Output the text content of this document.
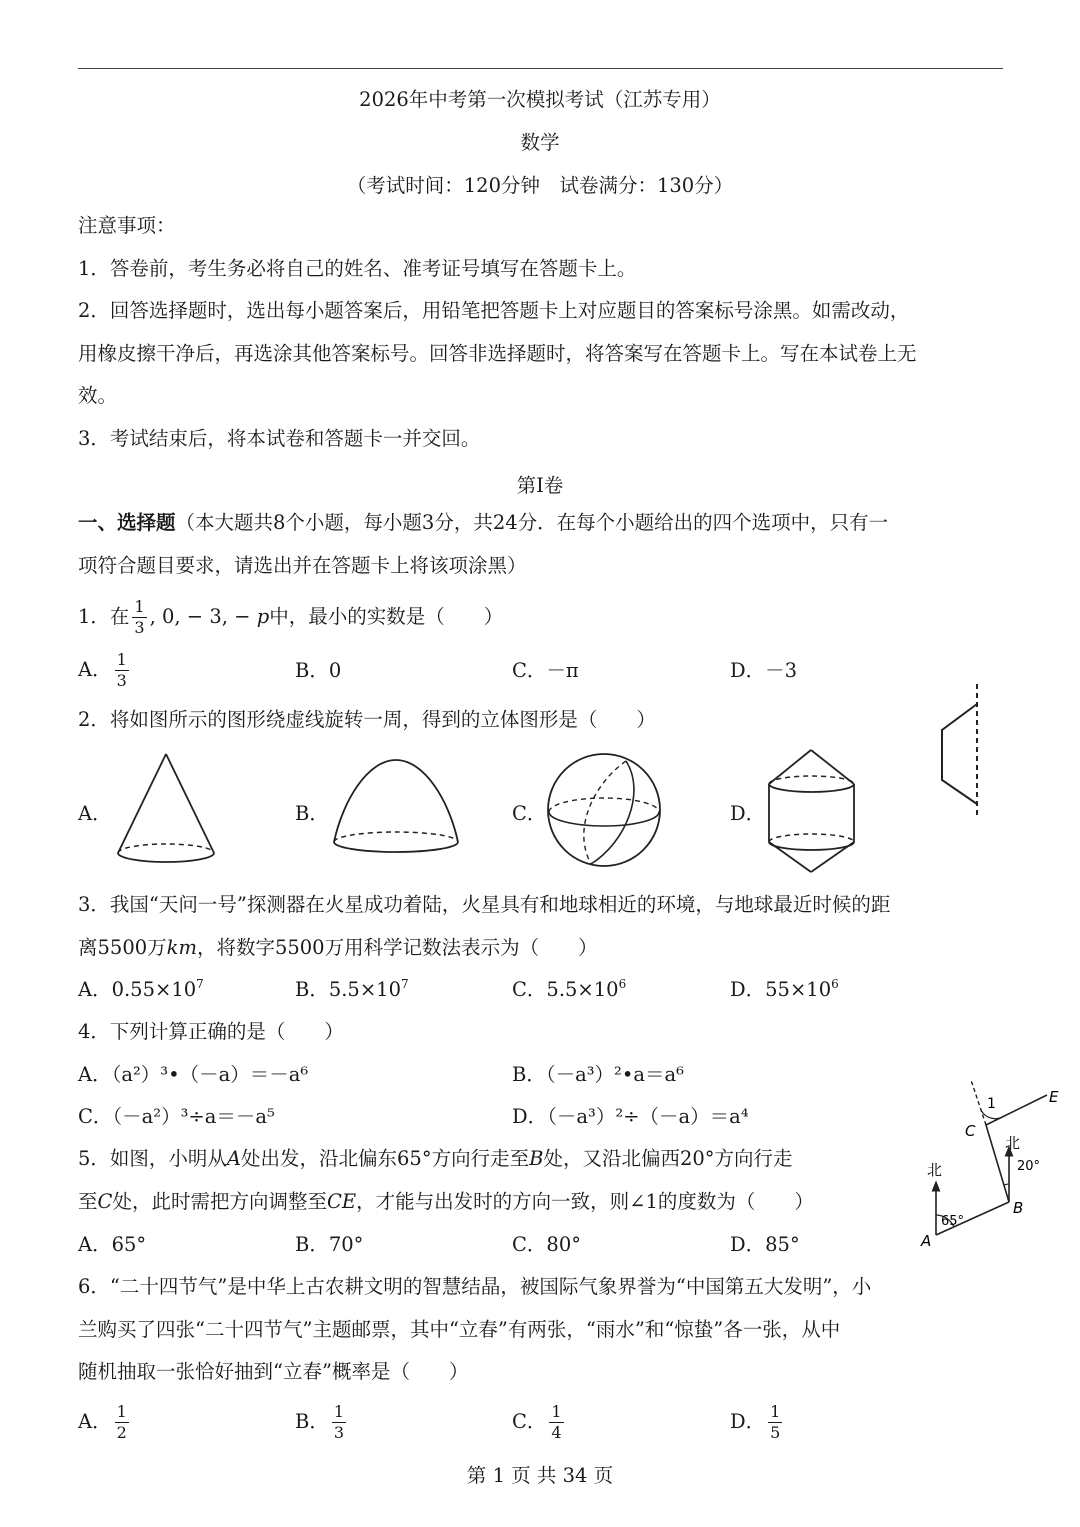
2026年中考第一次模拟考试（江苏专用）
数学
（考试时间：120分钟　试卷满分：130分）
注意事项：
1．答卷前，考生务必将自己的姓名、准考证号填写在答题卡上。
2．回答选择题时，选出每小题答案后，用铅笔把答题卡上对应题目的答案标号涂黑。如需改动，
用橡皮擦干净后，再选涂其他答案标号。回答非选择题时，将答案写在答题卡上。写在本试卷上无
效。
3．考试结束后，将本试卷和答题卡一并交回。
第Ⅰ卷
一、选择题（本大题共8个小题，每小题3分，共24分．在每个小题给出的四个选项中，只有一
项符合题目要求，请选出并在答题卡上将该项涂黑）
1．在 $\frac{1}{3}$ , 0, − 3, − p中，最小的实数是（　　）
A． $\frac{1}{3}$	B．0	C．－π	D．－3
2．将如图所示的图形绕虚线旋转一周，得到的立体图形是（　　）
A．	B．	C．	D．
3．我国“天问一号”探测器在火星成功着陆，火星具有和地球相近的环境，与地球最近时候的距
离5500万km，将数字5500万用科学记数法表示为（　　）
A．$0.55\times 10^7$	B．$5.5\times 10^7$	C．$5.5\times 10^6$	D．$55\times 10^6$
4．下列计算正确的是（　　）
A．（a²）³•（－a）＝－a⁶	B．（－a³）²•a＝a⁶
C．（－a²）³÷a＝－a⁵	D．（－a³）²÷（－a）＝a⁴
5．如图，小明从A处出发，沿北偏东65°方向行走至B处，又沿北偏西20°方向行走
至C处，此时需把方向调整至CE，才能与出发时的方向一致，则∠1的度数为（　　）
A．65°	B．70°	C．80°	D．85°	A
B
C
E
1
北
北
65°
20°
6．“二十四节气”是中华上古农耕文明的智慧结晶，被国际气象界誉为“中国第五大发明”，小
兰购买了四张“二十四节气”主题邮票，其中“立春”有两张，“雨水”和“惊蛰”各一张，从中
随机抽取一张恰好抽到“立春”概率是（　　）
A． $\frac{1}{2}$	B． $\frac{1}{3}$	C． $\frac{1}{4}$	D． $\frac{1}{5}$
第 1 页 共 34 页
